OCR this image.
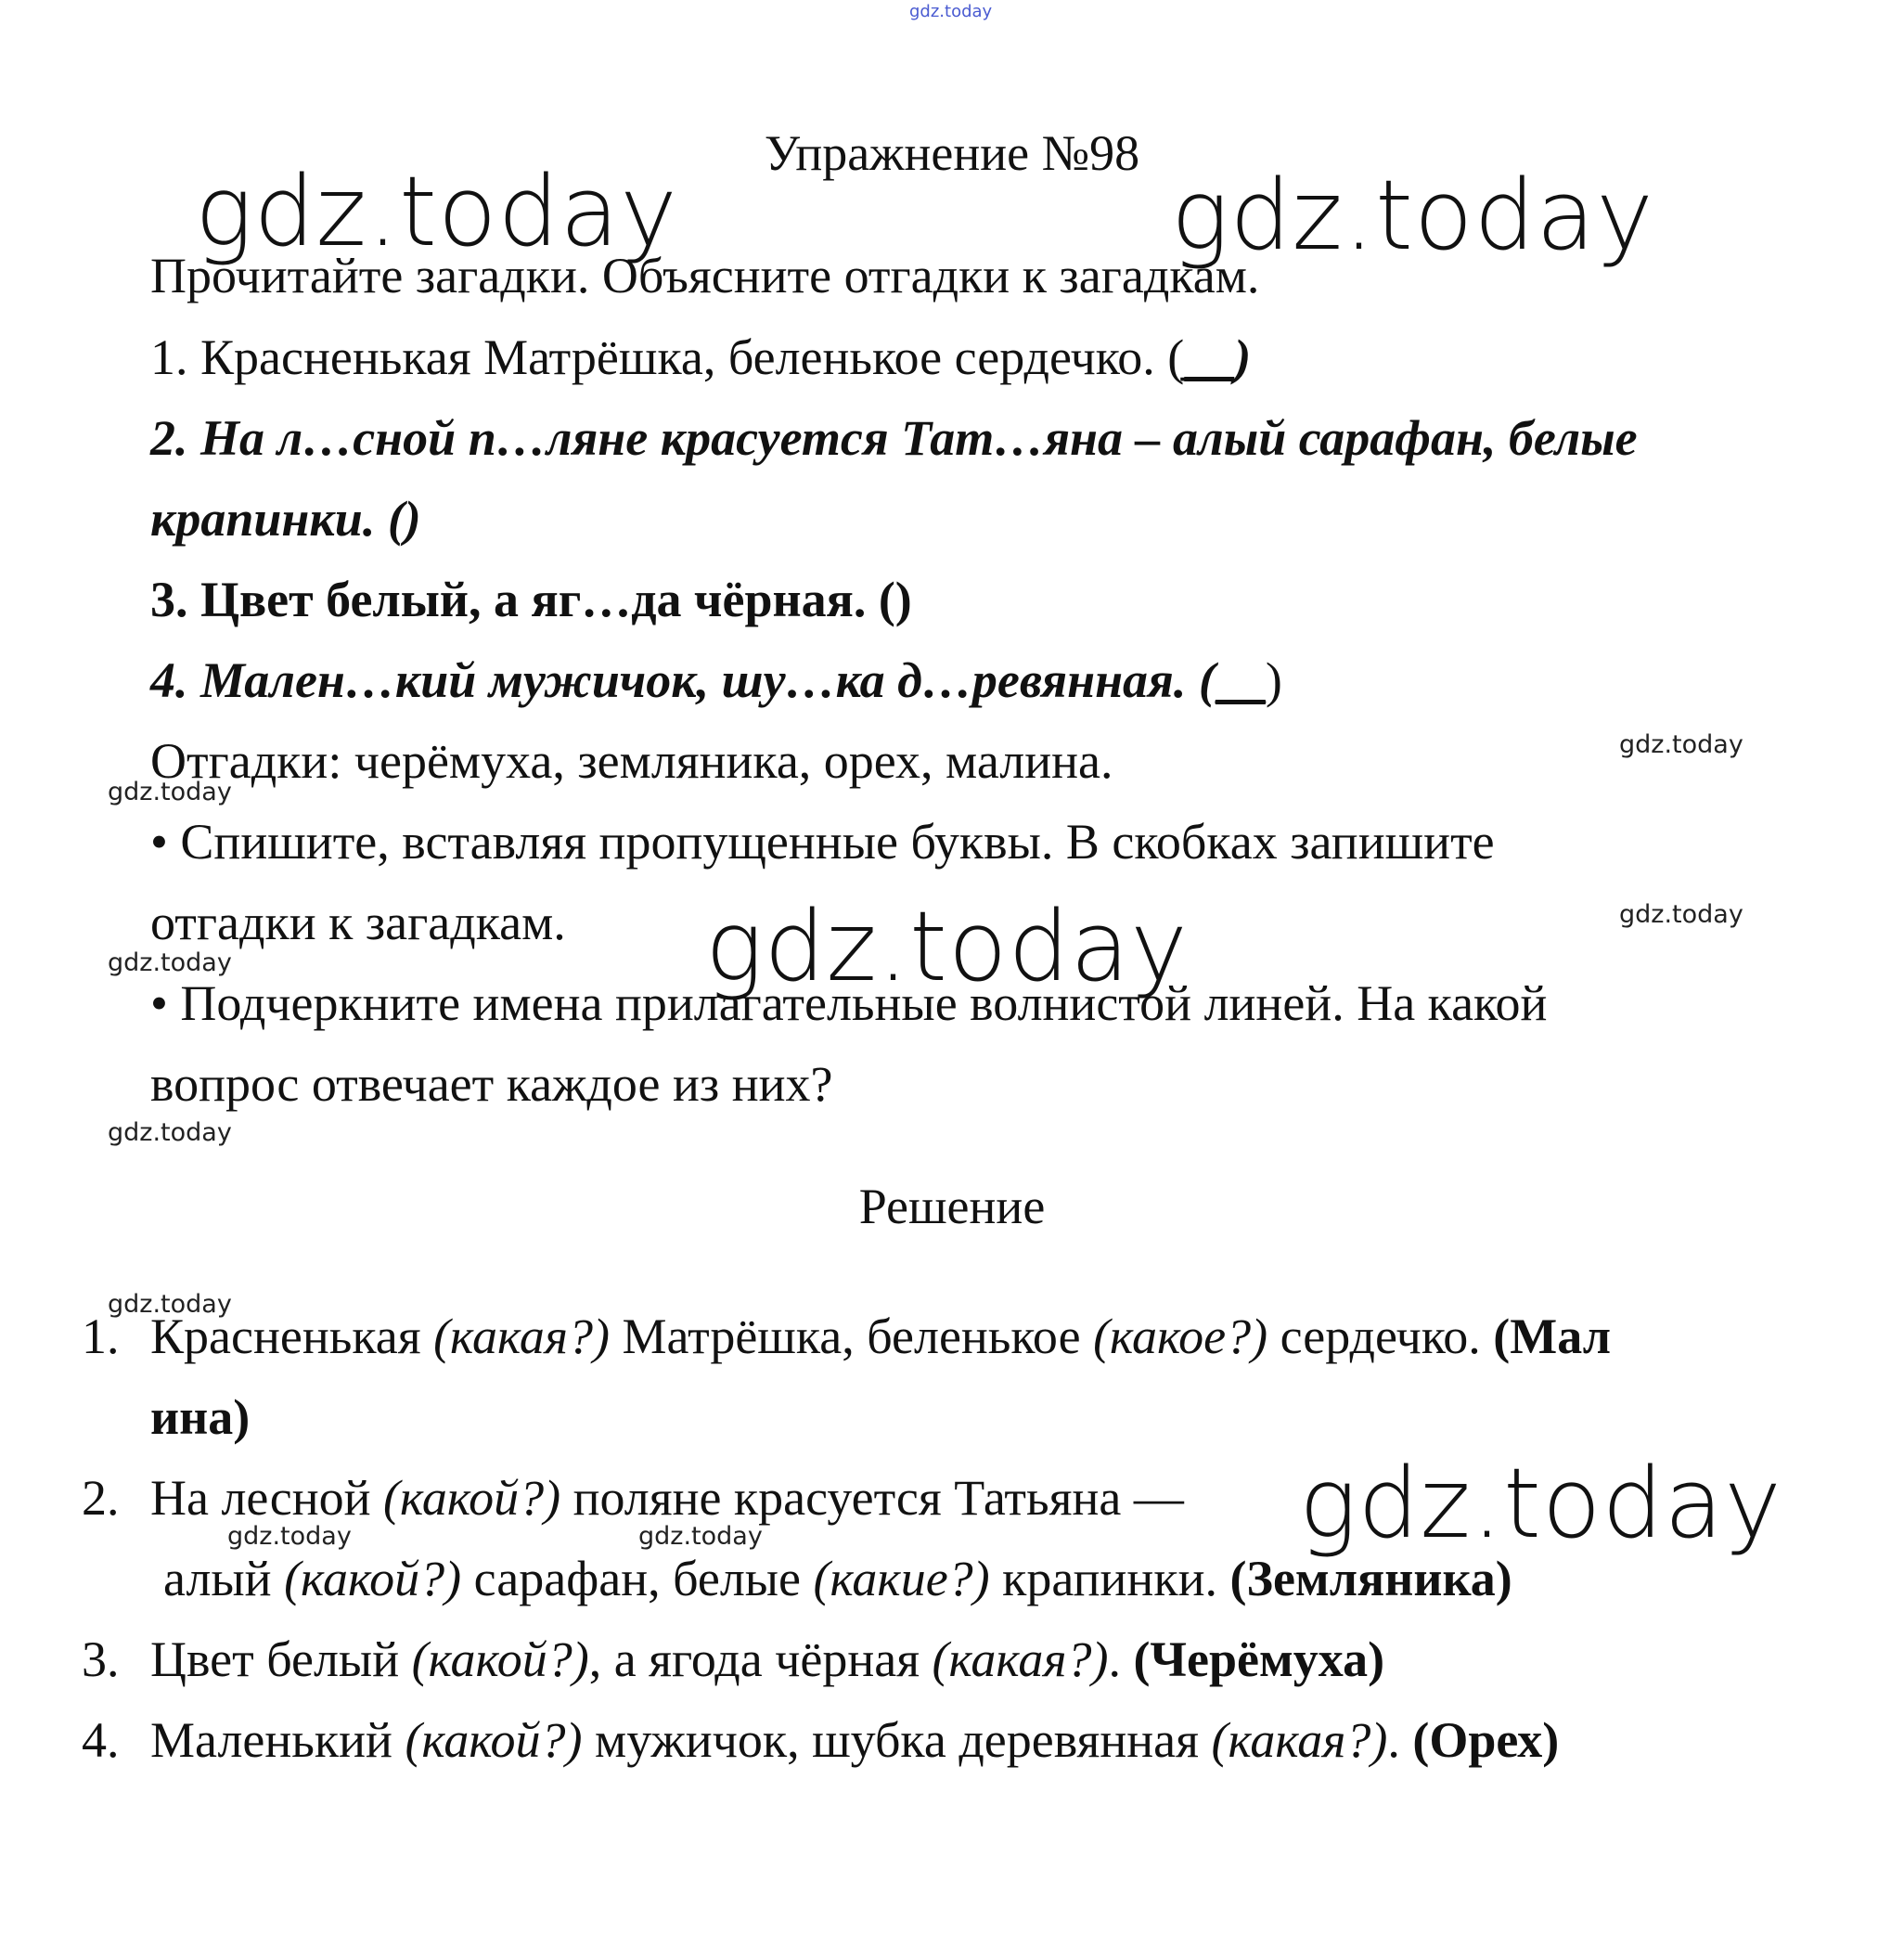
gdz.today
gdz.today	gdz.today
gdz.today
gdz.today
gdz.today
gdz.today
gdz.today
gdz.today
gdz.today
gdz.today
gdz.today	gdz.today
Упражнение №98
Прочитайте загадки. Объясните отгадки к загадкам.
1. Красненькая Матрёшка, беленькое сердечко. (__)
2. На л…сной п…ляне красуется Тат…яна – алый сарафан, белые
крапинки. ()
3. Цвет белый, а яг…да чёрная. ()
4. Мален…кий мужичок, шу…ка д…ревянная. (__)
Отгадки: черёмуха, земляника, орех, малина.
• Спишите, вставляя пропущенные буквы. В скобках запишите
отгадки к загадкам.
• Подчеркните имена прилагательные волнистой линей. На какой
вопрос отвечает каждое из них?
Решение
1. Красненькая (какая?) Матрёшка, беленькое (какое?) сердечко. (Мал
ина)
2. На лесной (какой?) поляне красуется Татьяна —
алый (какой?) сарафан, белые (какие?) крапинки. (Земляника)
3. Цвет белый (какой?), а ягода чёрная (какая?). (Черёмуха)
4. Маленький (какой?) мужичок, шубка деревянная (какая?). (Орех)
